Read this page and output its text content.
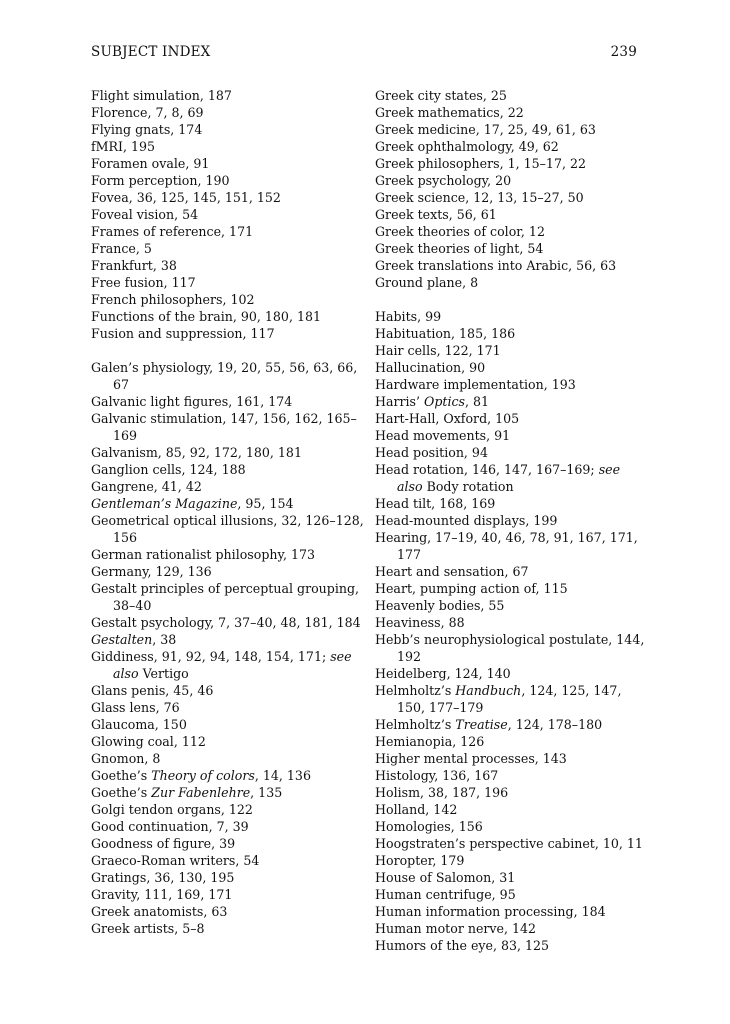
SUBJECT INDEX	239
Flight simulation, 187
Florence, 7, 8, 69
Flying gnats, 174
fMRI, 195
Foramen ovale, 91
Form perception, 190
Fovea, 36, 125, 145, 151, 152
Foveal vision, 54
Frames of reference, 171
France, 5
Frankfurt, 38
Free fusion, 117
French philosophers, 102
Functions of the brain, 90, 180, 181
Fusion and suppression, 117
Galen’s physiology, 19, 20, 55, 56, 63, 66, 67
Galvanic light figures, 161, 174
Galvanic stimulation, 147, 156, 162, 165–169
Galvanism, 85, 92, 172, 180, 181
Ganglion cells, 124, 188
Gangrene, 41, 42
Gentleman’s Magazine, 95, 154
Geometrical optical illusions, 32, 126–128, 156
German rationalist philosophy, 173
Germany, 129, 136
Gestalt principles of perceptual grouping, 38–40
Gestalt psychology, 7, 37–40, 48, 181, 184
Gestalten, 38
Giddiness, 91, 92, 94, 148, 154, 171; see also Vertigo
Glans penis, 45, 46
Glass lens, 76
Glaucoma, 150
Glowing coal, 112
Gnomon, 8
Goethe’s Theory of colors, 14, 136
Goethe’s Zur Fabenlehre, 135
Golgi tendon organs, 122
Good continuation, 7, 39
Goodness of figure, 39
Graeco-Roman writers, 54
Gratings, 36, 130, 195
Gravity, 111, 169, 171
Greek anatomists, 63
Greek artists, 5–8
Greek city states, 25
Greek mathematics, 22
Greek medicine, 17, 25, 49, 61, 63
Greek ophthalmology, 49, 62
Greek philosophers, 1, 15–17, 22
Greek psychology, 20
Greek science, 12, 13, 15–27, 50
Greek texts, 56, 61
Greek theories of color, 12
Greek theories of light, 54
Greek translations into Arabic, 56, 63
Ground plane, 8
Habits, 99
Habituation, 185, 186
Hair cells, 122, 171
Hallucination, 90
Hardware implementation, 193
Harris’ Optics, 81
Hart-Hall, Oxford, 105
Head movements, 91
Head position, 94
Head rotation, 146, 147, 167–169; see also Body rotation
Head tilt, 168, 169
Head-mounted displays, 199
Hearing, 17–19, 40, 46, 78, 91, 167, 171, 177
Heart and sensation, 67
Heart, pumping action of, 115
Heavenly bodies, 55
Heaviness, 88
Hebb’s neurophysiological postulate, 144, 192
Heidelberg, 124, 140
Helmholtz’s Handbuch, 124, 125, 147, 150, 177–179
Helmholtz’s Treatise, 124, 178–180
Hemianopia, 126
Higher mental processes, 143
Histology, 136, 167
Holism, 38, 187, 196
Holland, 142
Homologies, 156
Hoogstraten’s perspective cabinet, 10, 11
Horopter, 179
House of Salomon, 31
Human centrifuge, 95
Human information processing, 184
Human motor nerve, 142
Humors of the eye, 83, 125
